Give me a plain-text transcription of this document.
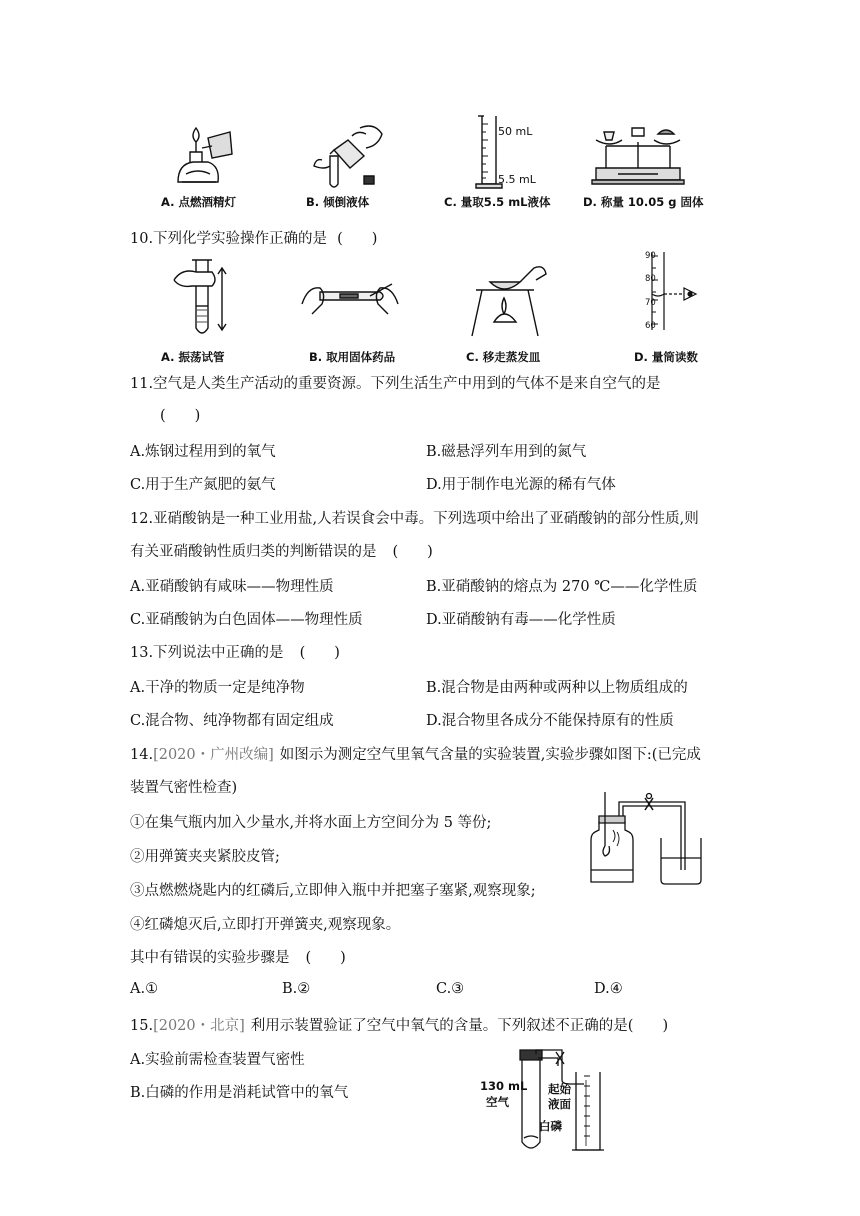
50 mL
5.5 mL
A. 点燃酒精灯	B. 倾倒液体	C. 量取5.5 mL液体	D. 称量 10.05 g 固体
10.下列化学实验操作正确的是 (　　)
90
80
70
60
A. 振荡试管	B. 取用固体药品	C. 移走蒸发皿	D. 量筒读数
11.空气是人类生产活动的重要资源。下列生活生产中用到的气体不是来自空气的是
(　　)
A.炼钢过程用到的氧气	B.磁悬浮列车用到的氮气
C.用于生产氮肥的氨气	D.用于制作电光源的稀有气体
12.亚硝酸钠是一种工业用盐,人若误食会中毒。下列选项中给出了亚硝酸钠的部分性质,则
有关亚硝酸钠性质归类的判断错误的是 (　　)
A.亚硝酸钠有咸味——物理性质	B.亚硝酸钠的熔点为 270 ℃——化学性质
C.亚硝酸钠为白色固体——物理性质	D.亚硝酸钠有毒——化学性质
13.下列说法中正确的是 (　　)
A.干净的物质一定是纯净物	B.混合物是由两种或两种以上物质组成的
C.混合物、纯净物都有固定组成	D.混合物里各成分不能保持原有的性质
14.[2020・广州改编] 如图示为测定空气里氧气含量的实验装置,实验步骤如图下:(已完成
装置气密性检查)
①在集气瓶内加入少量水,并将水面上方空间分为 5 等份;
②用弹簧夹夹紧胶皮管;
③点燃燃烧匙内的红磷后,立即伸入瓶中并把塞子塞紧,观察现象;
④红磷熄灭后,立即打开弹簧夹,观察现象。
其中有错误的实验步骤是 (　　)
A.①	B.②	C.③	D.④
15.[2020・北京] 利用示装置验证了空气中氧气的含量。下列叙述不正确的是(　　)
A.实验前需检查装置气密性
B.白磷的作用是消耗试管中的氧气	130 mL
空气
起始
液面
白磷
